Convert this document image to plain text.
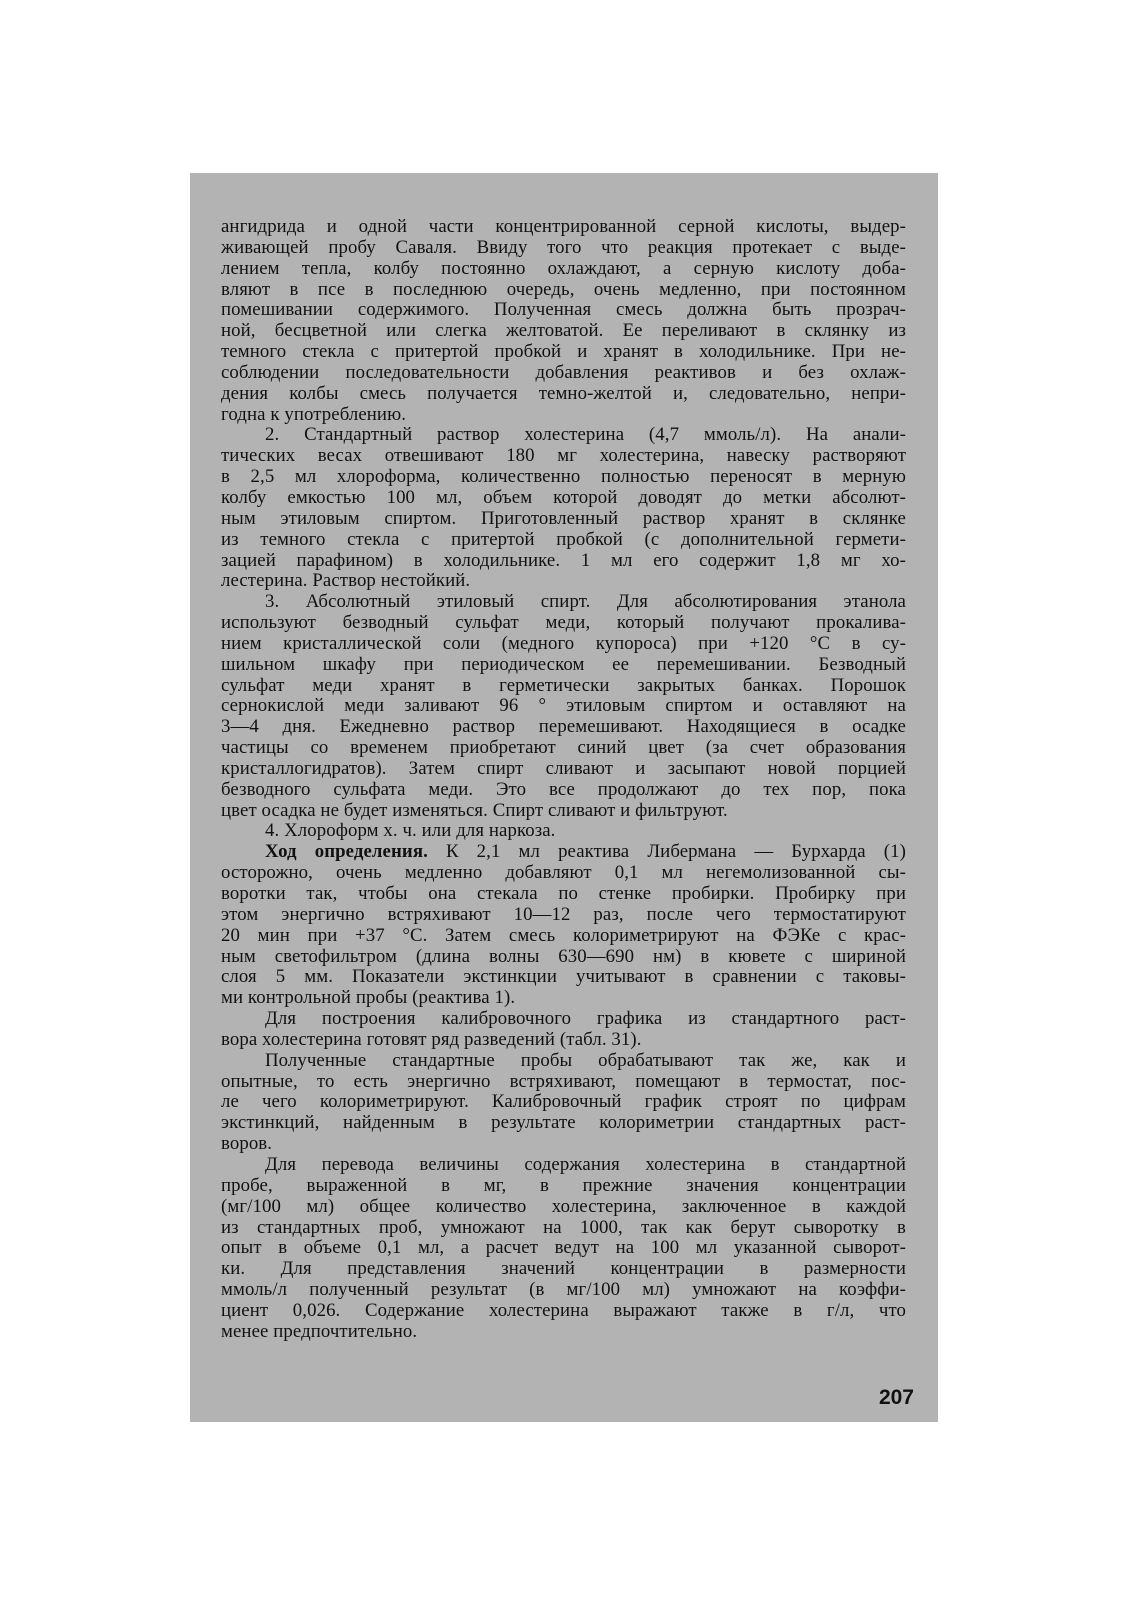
ангидрида и одной части концентрированной серной кислоты, выдер-
живающей пробу Саваля. Ввиду того что реакция протекает с выде-
лением тепла, колбу постоянно охлаждают, а серную кислоту доба-
вляют в псе в последнюю очередь, очень медленно, при постоянном
помешивании содержимого. Полученная смесь должна быть прозрач-
ной, бесцветной или слегка желтоватой. Ее переливают в склянку из
темного стекла с притертой пробкой и хранят в холодильнике. При не-
соблюдении последовательности добавления реактивов и без охлаж-
дения колбы смесь получается темно-желтой и, следовательно, непри-
годна к употреблению.
2. Стандартный раствор холестерина (4,7 ммоль/л). На анали-
тических весах отвешивают 180 мг холестерина, навеску растворяют
в 2,5 мл хлороформа, количественно полностью переносят в мерную
колбу емкостью 100 мл, объем которой доводят до метки абсолют-
ным этиловым спиртом. Приготовленный раствор хранят в склянке
из темного стекла с притертой пробкой (с дополнительной гермети-
зацией парафином) в холодильнике. 1 мл его содержит 1,8 мг хо-
лестерина. Раствор нестойкий.
3. Абсолютный этиловый спирт. Для абсолютирования этанола
используют безводный сульфат меди, который получают прокалива-
нием кристаллической соли (медного купороса) при +120 °С в су-
шильном шкафу при периодическом ее перемешивании. Безводный
сульфат меди хранят в герметически закрытых банках. Порошок
сернокислой меди заливают 96 ° этиловым спиртом и оставляют на
3—4 дня. Ежедневно раствор перемешивают. Находящиеся в осадке
частицы со временем приобретают синий цвет (за счет образования
кристаллогидратов). Затем спирт сливают и засыпают новой порцией
безводного сульфата меди. Это все продолжают до тех пор, пока
цвет осадка не будет изменяться. Спирт сливают и фильтруют.
4. Хлороформ х. ч. или для наркоза.
Ход определения. К 2,1 мл реактива Либермана — Бурхарда (1)
осторожно, очень медленно добавляют 0,1 мл негемолизованной сы-
воротки так, чтобы она стекала по стенке пробирки. Пробирку при
этом энергично встряхивают 10—12 раз, после чего термостатируют
20 мин при +37 °С. Затем смесь колориметрируют на ФЭКе с крас-
ным светофильтром (длина волны 630—690 нм) в кювете с шириной
слоя 5 мм. Показатели экстинкции учитывают в сравнении с таковы-
ми контрольной пробы (реактива 1).
Для построения калибровочного графика из стандартного раст-
вора холестерина готовят ряд разведений (табл. 31).
Полученные стандартные пробы обрабатывают так же, как и
опытные, то есть энергично встряхивают, помещают в термостат, пос-
ле чего колориметрируют. Калибровочный график строят по цифрам
экстинкций, найденным в результате колориметрии стандартных раст-
воров.
Для перевода величины содержания холестерина в стандартной
пробе, выраженной в мг, в прежние значения концентрации
(мг/100 мл) общее количество холестерина, заключенное в каждой
из стандартных проб, умножают на 1000, так как берут сыворотку в
опыт в объеме 0,1 мл, а расчет ведут на 100 мл указанной сыворот-
ки. Для представления значений концентрации в размерности
ммоль/л полученный результат (в мг/100 мл) умножают на коэффи-
циент 0,026. Содержание холестерина выражают также в г/л, что
менее предпочтительно.
207
